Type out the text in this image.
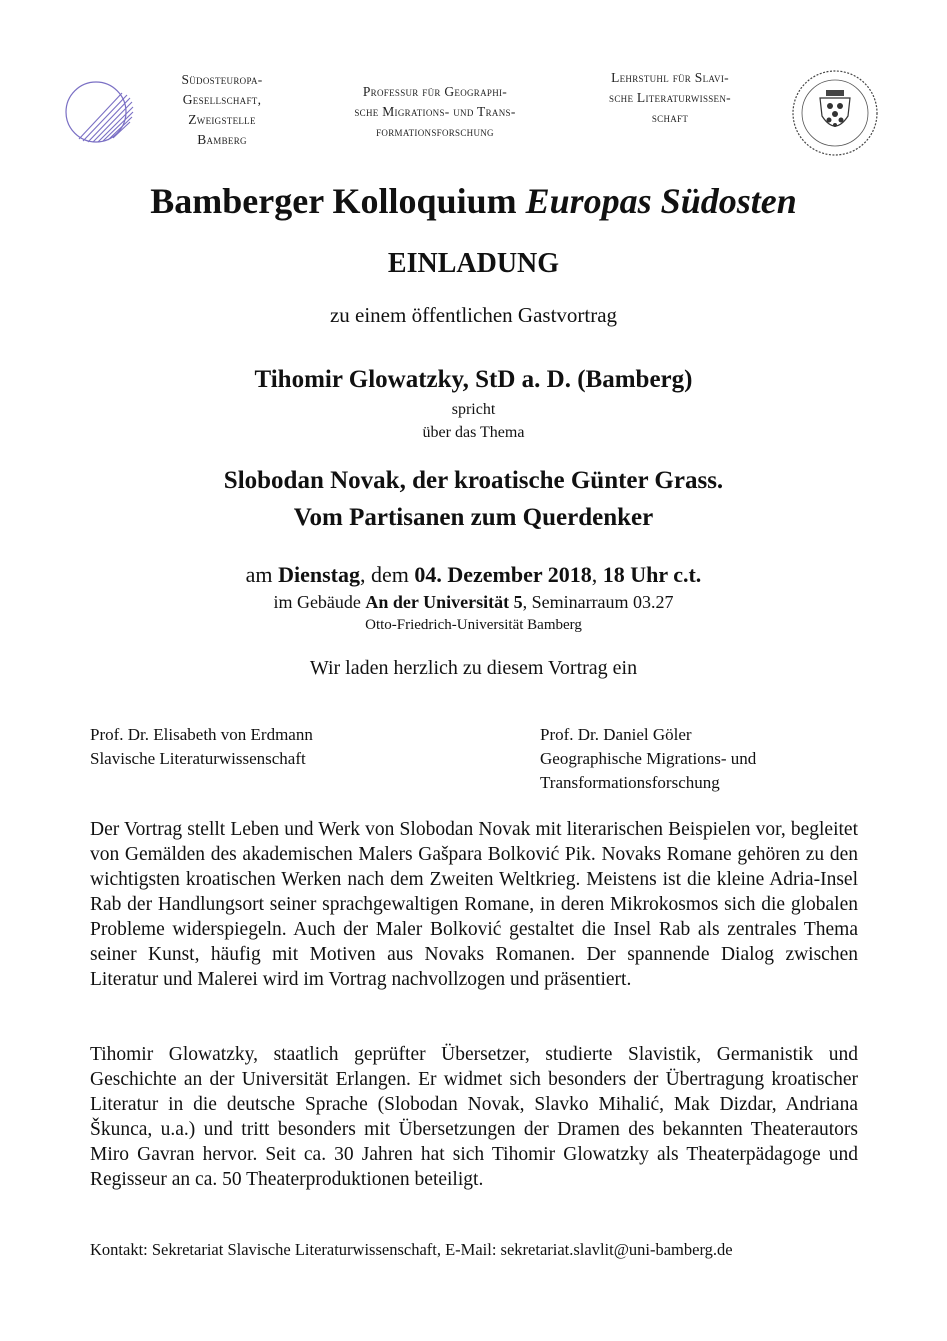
Südosteuropa-
Gesellschaft,
Zweigstelle
Bamberg
Professur für Geographi-
sche Migrations- und Trans-
formationsforschung
Lehrstuhl für Slavi-
sche Literaturwissen-
schaft
Bamberger Kolloquium Europas Südosten
EINLADUNG
zu einem öffentlichen Gastvortrag
Tihomir Glowatzky, StD a. D. (Bamberg)
spricht
über das Thema
Slobodan Novak, der kroatische Günter Grass.
Vom Partisanen zum Querdenker
am Dienstag, dem 04. Dezember 2018, 18 Uhr c.t.
im Gebäude An der Universität 5, Seminarraum 03.27
Otto-Friedrich-Universität Bamberg
Wir laden herzlich zu diesem Vortrag ein
Prof. Dr. Elisabeth von Erdmann
Slavische Literaturwissenschaft
Prof. Dr. Daniel Göler
Geographische Migrations- und
Transformationsforschung

Der Vortrag stellt Leben und Werk von Slobodan Novak mit literarischen Beispielen vor, begleitet von Gemälden des akademischen Malers Gašpara Bolković Pik. Novaks Romane gehören zu den wichtigsten kroatischen Werken nach dem Zweiten Weltkrieg. Meistens ist die kleine Adria-Insel Rab der Handlungsort seiner sprachgewaltigen Romane, in deren Mikrokosmos sich die globalen Probleme widerspiegeln. Auch der Maler Bolković gestaltet die Insel Rab als zentrales Thema seiner Kunst, häufig mit Motiven aus Novaks Romanen. Der spannende Dialog zwischen Literatur und Malerei wird im Vortrag nachvollzogen und präsentiert.

Tihomir Glowatzky, staatlich geprüfter Übersetzer, studierte Slavistik, Germanistik und Geschichte an der Universität Erlangen. Er widmet sich besonders der Übertragung kroatischer Literatur in die deutsche Sprache (Slobodan Novak, Slavko Mihalić, Mak Dizdar, Andriana Škunca, u.a.) und tritt besonders mit Übersetzungen der Dramen des bekannten Theaterautors Miro Gavran hervor. Seit ca. 30 Jahren hat sich Tihomir Glowatzky als Theaterpädagoge und Regisseur an ca. 50 Theaterproduktionen beteiligt.

Kontakt: Sekretariat Slavische Literaturwissenschaft, E-Mail: sekretariat.slavlit@uni-bamberg.de
